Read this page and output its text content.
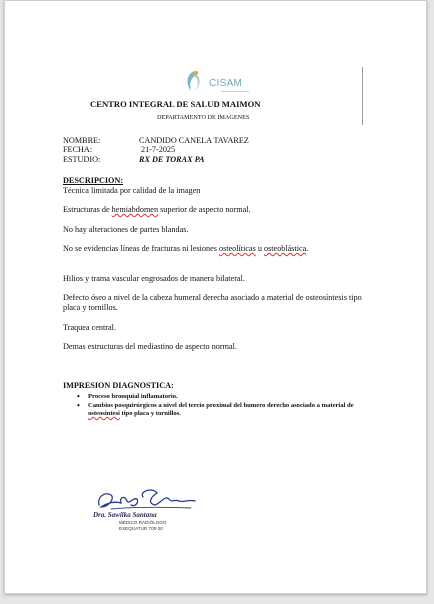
CISAM
CENTRO INTEGRAL DE SALUD MAIMON
DEPARTAMENTO DE IMAGENES
NOMBRE:	CANDIDO CANELA TAVAREZ
FECHA:	21-7-2025
ESTUDIO:	RX DE TORAX PA
DESCRIPCION:
Técnica limitada por calidad de la imagen
Estructuras de hemiabdomen superior de aspecto normal.
No hay alteraciones de partes blandas.
No se evidencias líneas de fracturas ni lesiones osteolíticas u osteoblástica.
Hilios y trama vascular engrosados de manera bilateral.
Defecto óseo a nivel de la cabeza humeral derecha asociado a material de osteosíntesis tipo placa y tornillos.
Traquea central.
Demas estructuras del mediastino de aspecto normal.
IMPRESION DIAGNOSTICA:
• Proceso bronquial inflamatorio.
• Cambios posquirúrgicos a nivel del tercio proximal del humero derecho asociado a material de osteosintesi tipo placa y tornillos.
Dra. Sawilka Santana
MÉDICO RADIÓLOGO
EXEQUATUR 700-20
